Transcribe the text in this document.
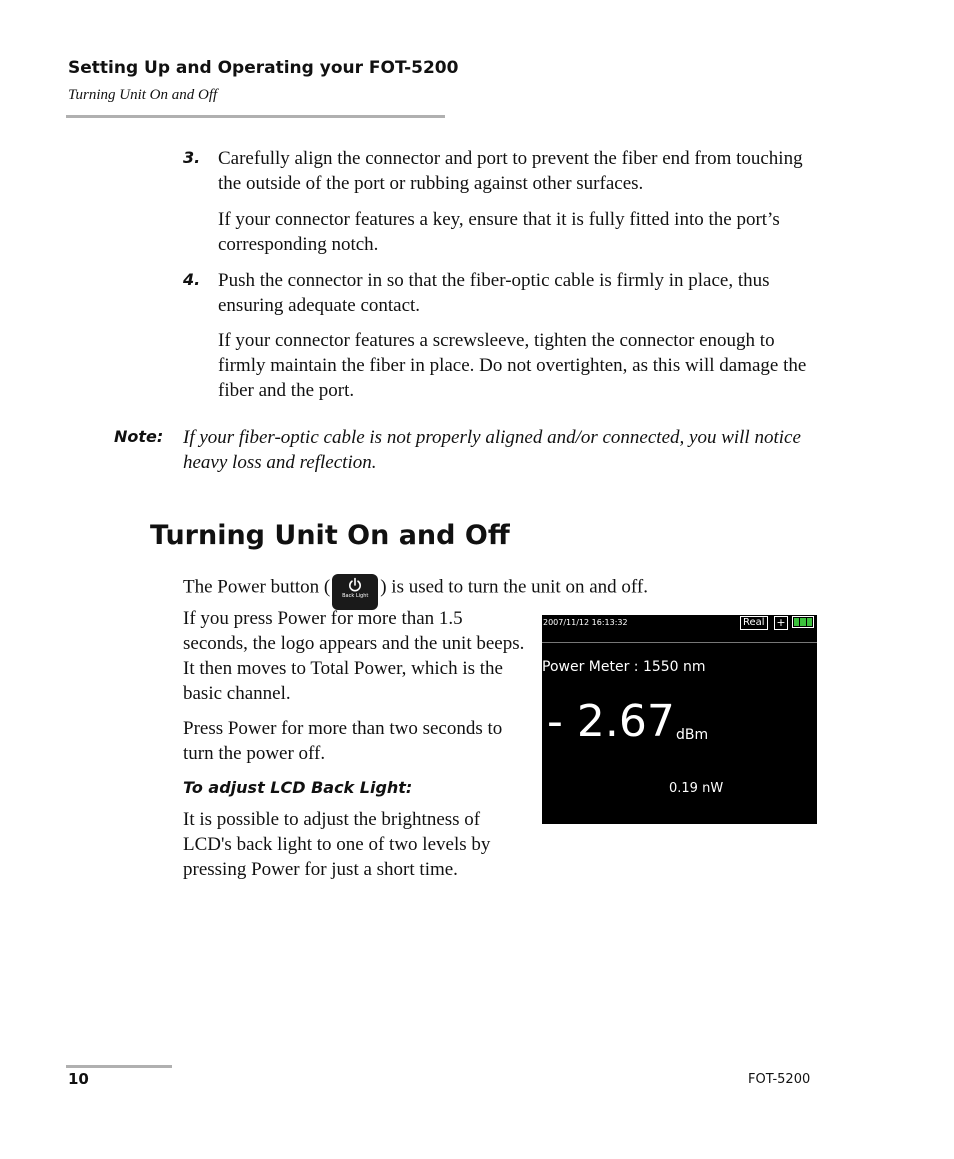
Setting Up and Operating your FOT-5200
Turning Unit On and Off
3. Carefully align the connector and port to prevent the fiber end from touching the outside of the port or rubbing against other surfaces.
If your connector features a key, ensure that it is fully fitted into the port’s corresponding notch.
4. Push the connector in so that the fiber-optic cable is firmly in place, thus ensuring adequate contact.
If your connector features a screwsleeve, tighten the connector enough to firmly maintain the fiber in place. Do not overtighten, as this will damage the fiber and the port.
Note: If your fiber-optic cable is not properly aligned and/or connected, you will notice heavy loss and reflection.
Turning Unit On and Off
The Power button (	Back Light ) is used to turn the unit on and off.
If you press Power for more than 1.5 seconds, the logo appears and the unit beeps. It then moves to Total Power, which is the basic channel.
Press Power for more than two seconds to turn the power off.
To adjust LCD Back Light:
It is possible to adjust the brightness of LCD's back light to one of two levels by pressing Power for just a short time.
2007/11/12 16:13:32	Real +
Power Meter : 1550 nm
- 2.67 dBm
0.19 nW
10	FOT-5200
